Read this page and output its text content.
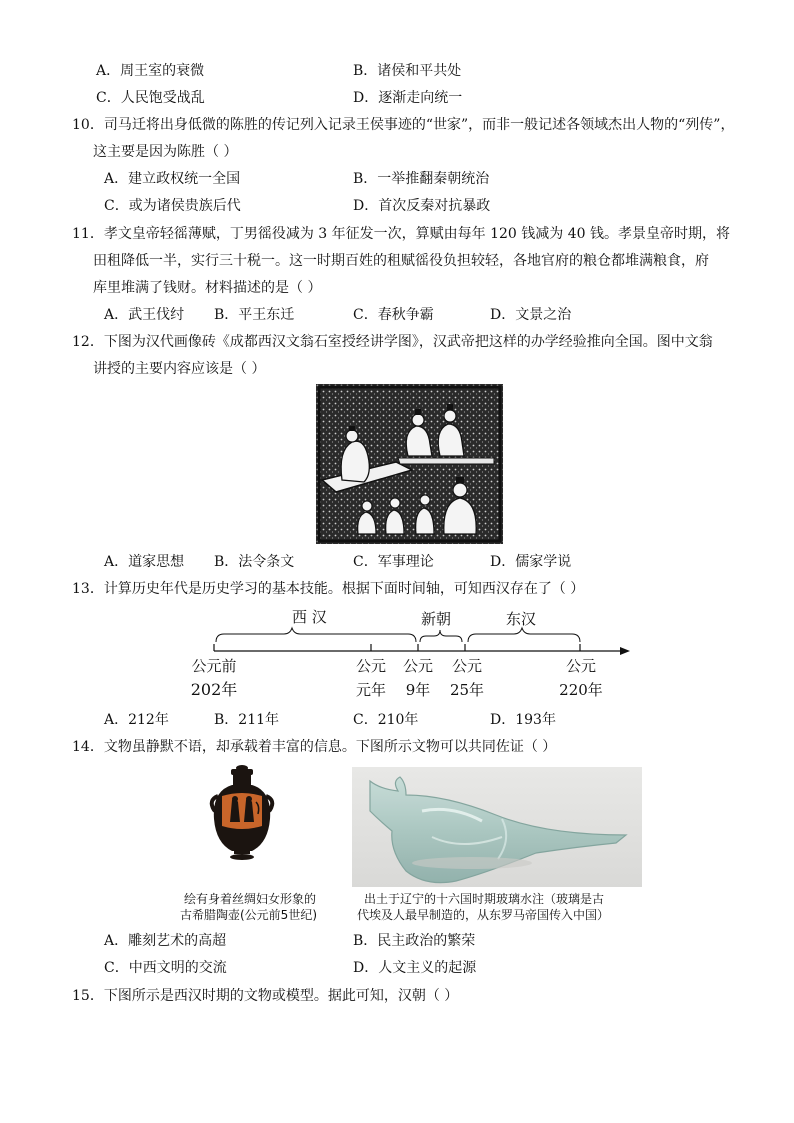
A．周王室的衰微	B．诸侯和平共处
C．人民饱受战乱	D．逐渐走向统一
10．司马迁将出身低微的陈胜的传记列入记录王侯事迹的“世家”，而非一般记述各领域杰出人物的“列传”，
这主要是因为陈胜（ ）
A．建立政权统一全国	B．一举推翻秦朝统治
C．或为诸侯贵族后代	D．首次反秦对抗暴政
11．孝文皇帝轻徭薄赋，丁男徭役减为 3 年征发一次，算赋由每年 120 钱减为 40 钱。孝景皇帝时期，将
田租降低一半，实行三十税一。这一时期百姓的租赋徭役负担较轻，各地官府的粮仓都堆满粮食，府
库里堆满了钱财。材料描述的是（ ）
A．武王伐纣 B．平王东迁	C．春秋争霸	D．文景之治
12．下图为汉代画像砖《成都西汉文翁石室授经讲学图》，汉武帝把这样的办学经验推向全国。图中文翁
讲授的主要内容应该是（ ）
A．道家思想 B．法令条文	C．军事理论	D．儒家学说
13．计算历史年代是历史学习的基本技能。根据下面时间轴，可知西汉存在了（ ）
西 汉	新朝	东汉
公元前
202年
公元
元年
公元
9年
公元
25年
公元
220年
A．212年	B．211年	C．210年	D．193年
14．文物虽静默不语，却承载着丰富的信息。下图所示文物可以共同佐证（ ）
绘有身着丝绸妇女形象的
古希腊陶壶(公元前5世纪)
出土于辽宁的十六国时期玻璃水注（玻璃是古
代埃及人最早制造的，从东罗马帝国传入中国）
A．雕刻艺术的高超	B．民主政治的繁荣
C．中西文明的交流	D．人文主义的起源
15．下图所示是西汉时期的文物或模型。据此可知，汉朝（ ）
